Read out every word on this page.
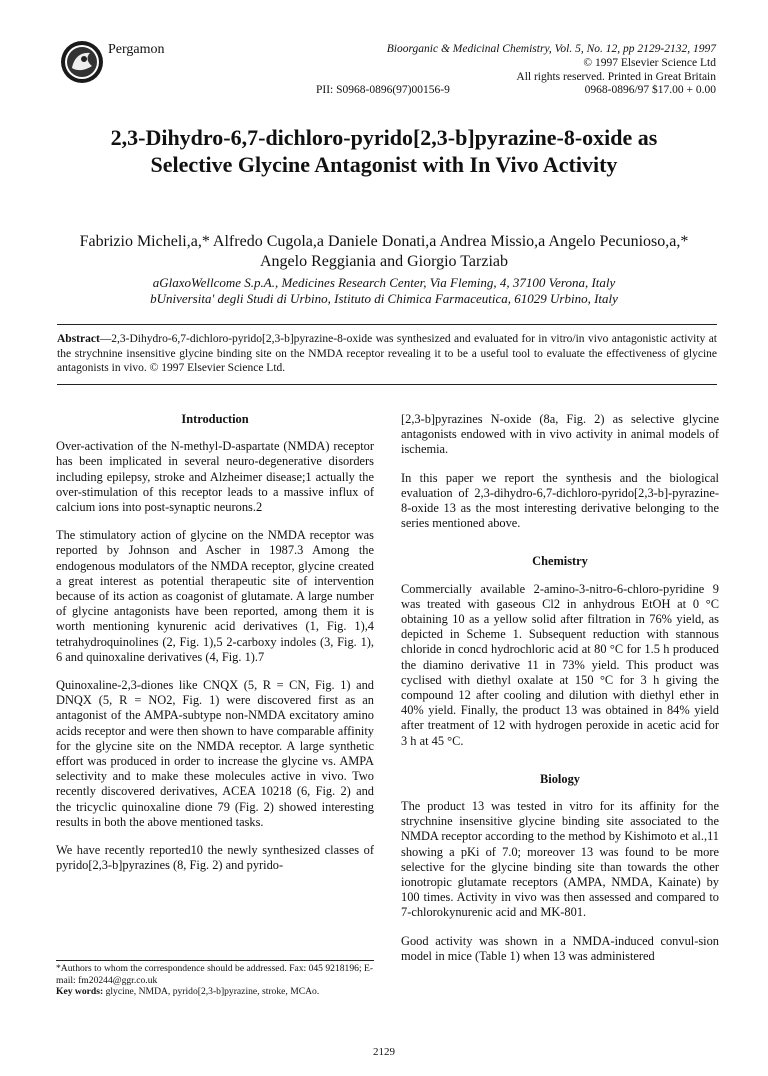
Pergamon	Bioorganic & Medicinal Chemistry, Vol. 5, No. 12, pp 2129-2132, 1997
© 1997 Elsevier Science Ltd
All rights reserved. Printed in Great Britain
PII: S0968-0896(97)00156-9	0968-0896/97 $17.00 + 0.00
2,3-Dihydro-6,7-dichloro-pyrido[2,3-b]pyrazine-8-oxide as
Selective Glycine Antagonist with In Vivo Activity
Fabrizio Micheli,a,* Alfredo Cugola,a Daniele Donati,a Andrea Missio,a Angelo Pecunioso,a,*
Angelo Reggiania and Giorgio Tarziab
aGlaxoWellcome S.p.A., Medicines Research Center, Via Fleming, 4, 37100 Verona, Italy
bUniversita' degli Studi di Urbino, Istituto di Chimica Farmaceutica, 61029 Urbino, Italy
Abstract—2,3-Dihydro-6,7-dichloro-pyrido[2,3-b]pyrazine-8-oxide was synthesized and evaluated for in vitro/in vivo antagonistic activity at the strychnine insensitive glycine binding site on the NMDA receptor revealing it to be a useful tool to evaluate the effectiveness of glycine antagonists in vivo. © 1997 Elsevier Science Ltd.
Introduction

Over-activation of the N-methyl-D-aspartate (NMDA) receptor has been implicated in several neuro-degenerative disorders including epilepsy, stroke and Alzheimer disease;1 actually the over-stimulation of this receptor leads to a massive influx of calcium ions into post-synaptic neurons.2

The stimulatory action of glycine on the NMDA receptor was reported by Johnson and Ascher in 1987.3 Among the endogenous modulators of the NMDA receptor, glycine created a great interest as potential therapeutic site of intervention because of its action as coagonist of glutamate. A large number of glycine antagonists have been reported, among them it is worth mentioning kynurenic acid derivatives (1, Fig. 1),4 tetrahydroquinolines (2, Fig. 1),5 2-carboxy indoles (3, Fig. 1), 6 and quinoxaline derivatives (4, Fig. 1).7

Quinoxaline-2,3-diones like CNQX (5, R = CN, Fig. 1) and DNQX (5, R = NO2, Fig. 1) were discovered first as an antagonist of the AMPA-subtype non-NMDA excitatory amino acids receptor and were then shown to have comparable affinity for the glycine site on the NMDA receptor. A large synthetic effort was produced in order to increase the glycine vs. AMPA selectivity and to make these molecules active in vivo. Two recently discovered derivatives, ACEA 10218 (6, Fig. 2) and the tricyclic quinoxaline dione 79 (Fig. 2) showed interesting results in both the above mentioned tasks.

We have recently reported10 the newly synthesized classes of pyrido[2,3-b]pyrazines (8, Fig. 2) and pyrido-

[2,3-b]pyrazines N-oxide (8a, Fig. 2) as selective glycine antagonists endowed with in vivo activity in animal models of ischemia.

In this paper we report the synthesis and the biological evaluation of 2,3-dihydro-6,7-dichloro-pyrido[2,3-b]-pyrazine-8-oxide 13 as the most interesting derivative belonging to the series mentioned above.

Chemistry

Commercially available 2-amino-3-nitro-6-chloro-pyridine 9 was treated with gaseous Cl2 in anhydrous EtOH at 0 °C obtaining 10 as a yellow solid after filtration in 76% yield, as depicted in Scheme 1. Subsequent reduction with stannous chloride in concd hydrochloric acid at 80 °C for 1.5 h produced the diamino derivative 11 in 73% yield. This product was cyclised with diethyl oxalate at 150 °C for 3 h giving the compound 12 after cooling and dilution with diethyl ether in 40% yield. Finally, the product 13 was obtained in 84% yield after treatment of 12 with hydrogen peroxide in acetic acid for 3 h at 45 °C.

Biology

The product 13 was tested in vitro for its affinity for the strychnine insensitive glycine binding site associated to the NMDA receptor according to the method by Kishimoto et al.,11 showing a pKi of 7.0; moreover 13 was found to be more selective for the glycine binding site than towards the other ionotropic glutamate receptors (AMPA, NMDA, Kainate) by 100 times. Activity in vivo was then assessed and compared to 7-chlorokynurenic acid and MK-801.

Good activity was shown in a NMDA-induced convul-sion model in mice (Table 1) when 13 was administered

*Authors to whom the correspondence should be addressed. Fax: 045 9218196; E-mail: fm20244@ggr.co.uk
Key words: glycine, NMDA, pyrido[2,3-b]pyrazine, stroke, MCAo.
2129
